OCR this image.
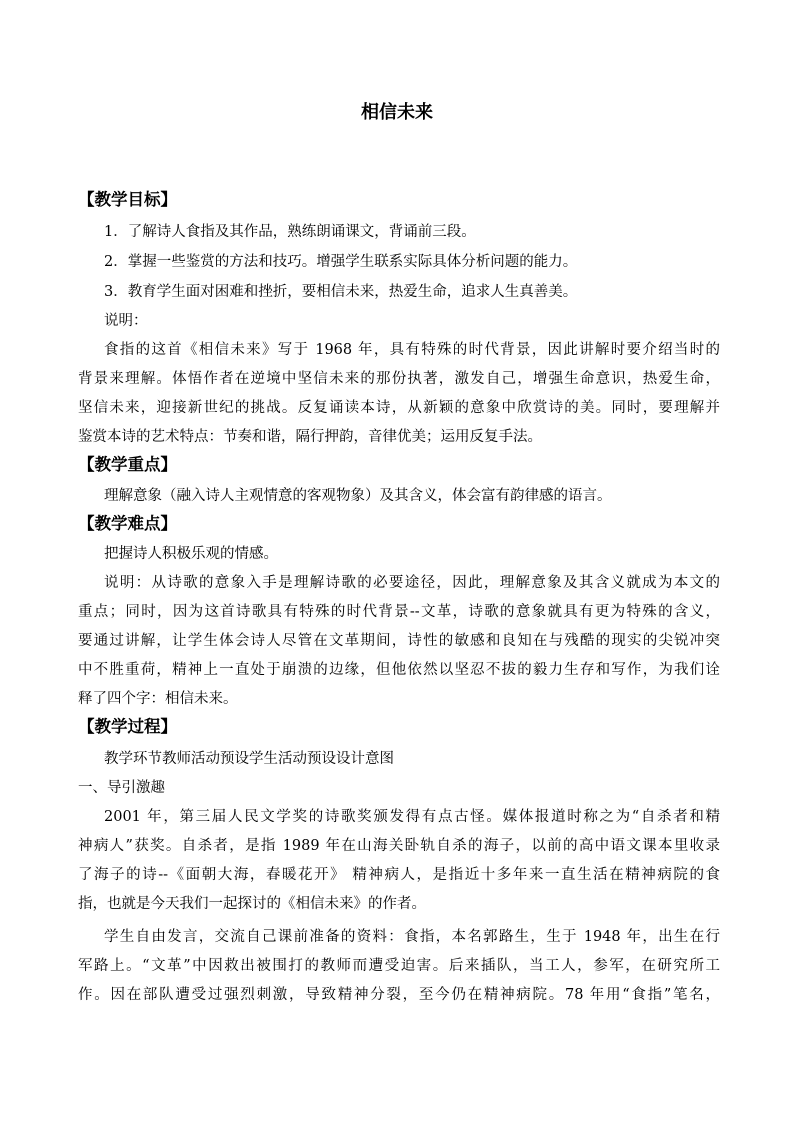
相信未来
【教学目标】
1．了解诗人食指及其作品，熟练朗诵课文，背诵前三段。
2．掌握一些鉴赏的方法和技巧。增强学生联系实际具体分析问题的能力。
3．教育学生面对困难和挫折，要相信未来，热爱生命，追求人生真善美。
说明：
食指的这首《相信未来》写于 1968 年，具有特殊的时代背景，因此讲解时要介绍当时的
背景来理解。体悟作者在逆境中坚信未来的那份执著，激发自己，增强生命意识，热爱生命，
坚信未来，迎接新世纪的挑战。反复诵读本诗，从新颖的意象中欣赏诗的美。同时，要理解并
鉴赏本诗的艺术特点：节奏和谐，隔行押韵，音律优美；运用反复手法。
【教学重点】
理解意象（融入诗人主观情意的客观物象）及其含义，体会富有韵律感的语言。
【教学难点】
把握诗人积极乐观的情感。
说明：从诗歌的意象入手是理解诗歌的必要途径，因此，理解意象及其含义就成为本文的
重点；同时，因为这首诗歌具有特殊的时代背景--文革，诗歌的意象就具有更为特殊的含义，
要通过讲解，让学生体会诗人尽管在文革期间，诗性的敏感和良知在与残酷的现实的尖锐冲突
中不胜重荷，精神上一直处于崩溃的边缘，但他依然以坚忍不拔的毅力生存和写作，为我们诠
释了四个字：相信未来。
【教学过程】
教学环节教师活动预设学生活动预设设计意图
一、导引激趣
2001 年，第三届人民文学奖的诗歌奖颁发得有点古怪。媒体报道时称之为“自杀者和精
神病人”获奖。自杀者，是指 1989 年在山海关卧轨自杀的海子，以前的高中语文课本里收录
了海子的诗--《面朝大海，春暖花开》 精神病人，是指近十多年来一直生活在精神病院的食
指，也就是今天我们一起探讨的《相信未来》的作者。
学生自由发言，交流自己课前准备的资料：食指，本名郭路生，生于 1948 年，出生在行
军路上。“文革”中因救出被围打的教师而遭受迫害。后来插队，当工人，参军，在研究所工
作。因在部队遭受过强烈刺激，导致精神分裂，至今仍在精神病院。78 年用“食指”笔名，
